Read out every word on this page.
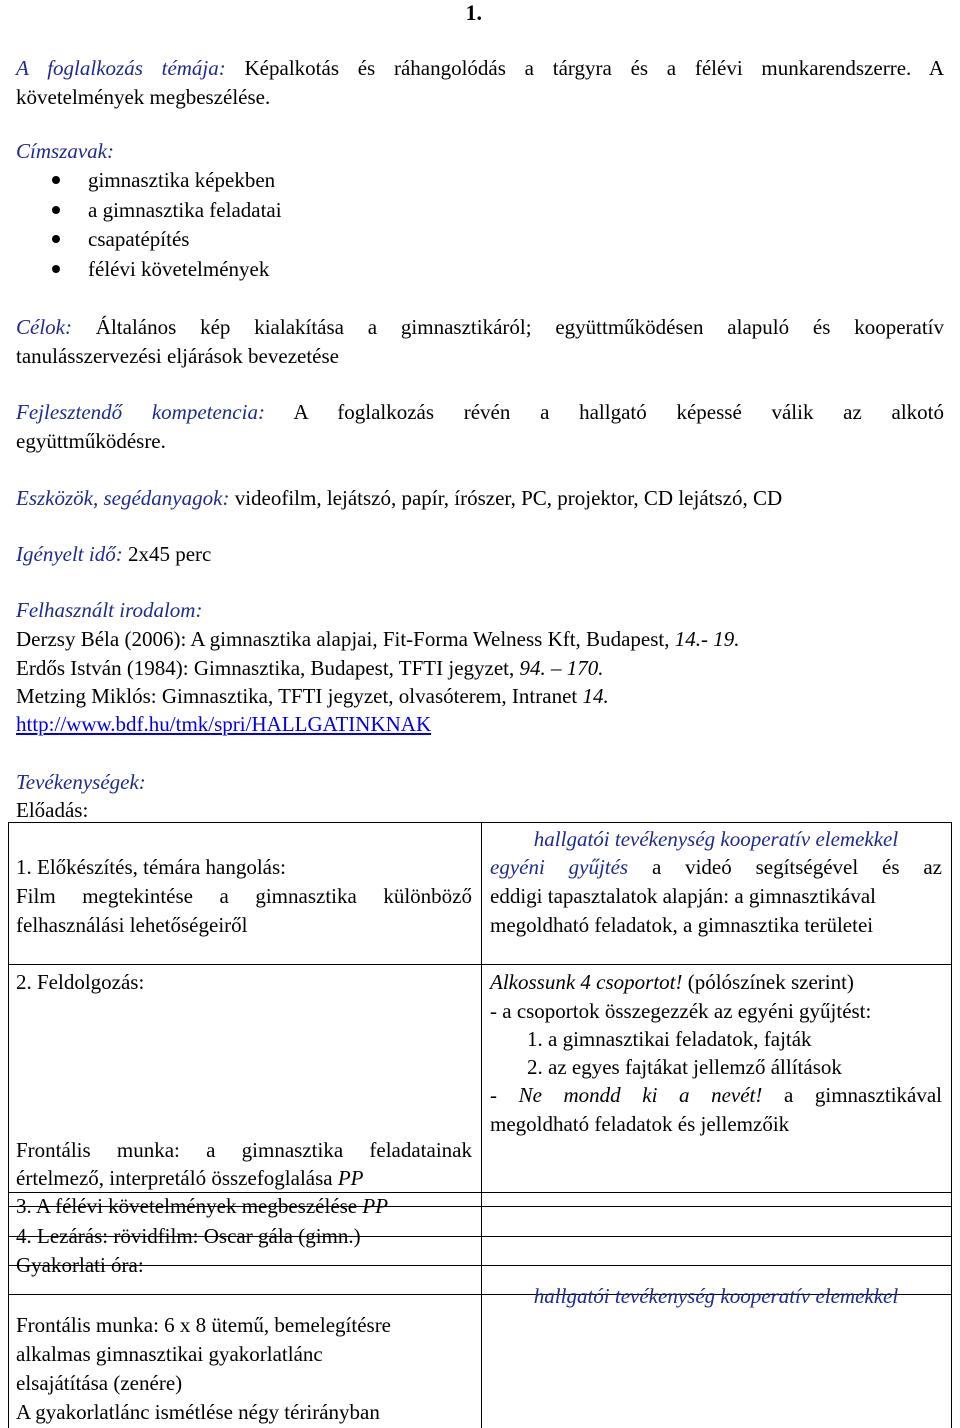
1.
A foglalkozás témája: Képalkotás és ráhangolódás a tárgyra és a félévi munkarendszerre. A
követelmények megbeszélése.
Címszavak:
gimnasztika képekben
a gimnasztika feladatai
csapatépítés
félévi követelmények
Célok: Általános kép kialakítása a gimnasztikáról; együttműködésen alapuló és kooperatív
tanulásszervezési eljárások bevezetése
Fejlesztendő kompetencia: A foglalkozás révén a hallgató képessé válik az alkotó
együttműködésre.
Eszközök, segédanyagok: videofilm, lejátszó, papír, írószer, PC, projektor, CD lejátszó, CD
Igényelt idő: 2x45 perc
Felhasznált irodalom:
Derzsy Béla (2006): A gimnasztika alapjai, Fit-Forma Welness Kft, Budapest, 14.- 19.
Erdős István (1984): Gimnasztika, Budapest, TFTI jegyzet, 94. – 170.
Metzing Miklós: Gimnasztika, TFTI jegyzet, olvasóterem, Intranet 14.
http://www.bdf.hu/tmk/spri/HALLGATINKNAK
Tevékenységek:
Előadás:
hallgatói tevékenység kooperatív elemekkel
1. Előkészítés, témára hangolás:
Film megtekintése a gimnasztika különböző
felhasználási lehetőségeiről
egyéni gyűjtés a videó segítségével és az
eddigi tapasztalatok alapján: a gimnasztikával
megoldható feladatok, a gimnasztika területei
2. Feldolgozás:	Alkossunk 4 csoportot! (pólószínek szerint)
- a csoportok összegezzék az egyéni gyűjtést:
1. a gimnasztikai feladatok, fajták
2. az egyes fajtákat jellemző állítások
- Ne mondd ki a nevét! a gimnasztikával
megoldható feladatok és jellemzőik
Frontális munka: a gimnasztika feladatainak
értelmező, interpretáló összefoglalása PP
3. A félévi követelmények megbeszélése PP
4. Lezárás: rövidfilm: Oscar gála (gimn.)
Gyakorlati óra:
hallgatói tevékenység kooperatív elemekkel
Frontális munka: 6 x 8 ütemű, bemelegítésre
alkalmas gimnasztikai gyakorlatlánc
elsajátítása (zenére)
A gyakorlatlánc ismétlése négy térirányban
